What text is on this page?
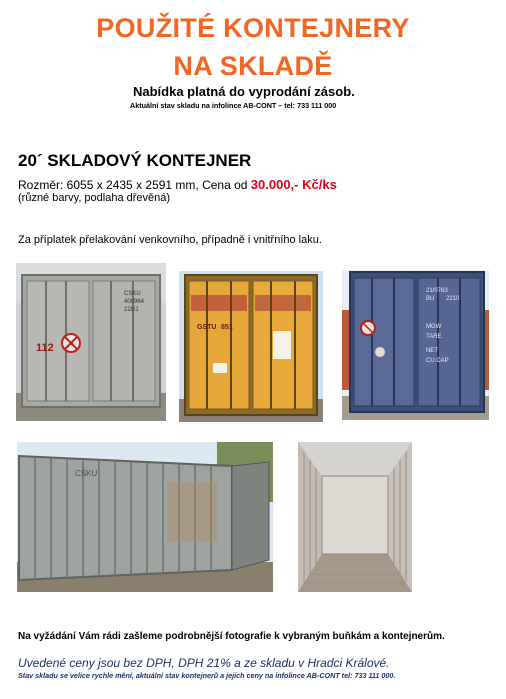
POUŽITÉ KONTEJNERY
NA SKLADĚ
Nabídka platná do vyprodání zásob.
Aktuální stav skladu na infolince AB-CONT – tel: 733 111 000
20´ SKLADOVÝ KONTEJNER
Rozměr: 6055 x 2435 x 2591 mm, Cena od 30.000,- Kč/ks
(různé barvy, podlaha dřevěná)
Za příplatek přelakování venkovního, případně i vnitřního laku.
112
CSKU
400964
22G1
GSTU 851
21/0763
BU 2210
MGW
TARE
NET
CU.CAP
CSKU
Na vyžádání Vám rádi zašleme podrobnější fotografie k vybraným buňkám a kontejnerům.
Uvedené ceny jsou bez DPH, DPH 21% a ze skladu v Hradci Králové.
Stav skladu se velice rychle mění, aktuální stav kontejnerů a jejich ceny na infolince AB-CONT tel: 733 111 000.
